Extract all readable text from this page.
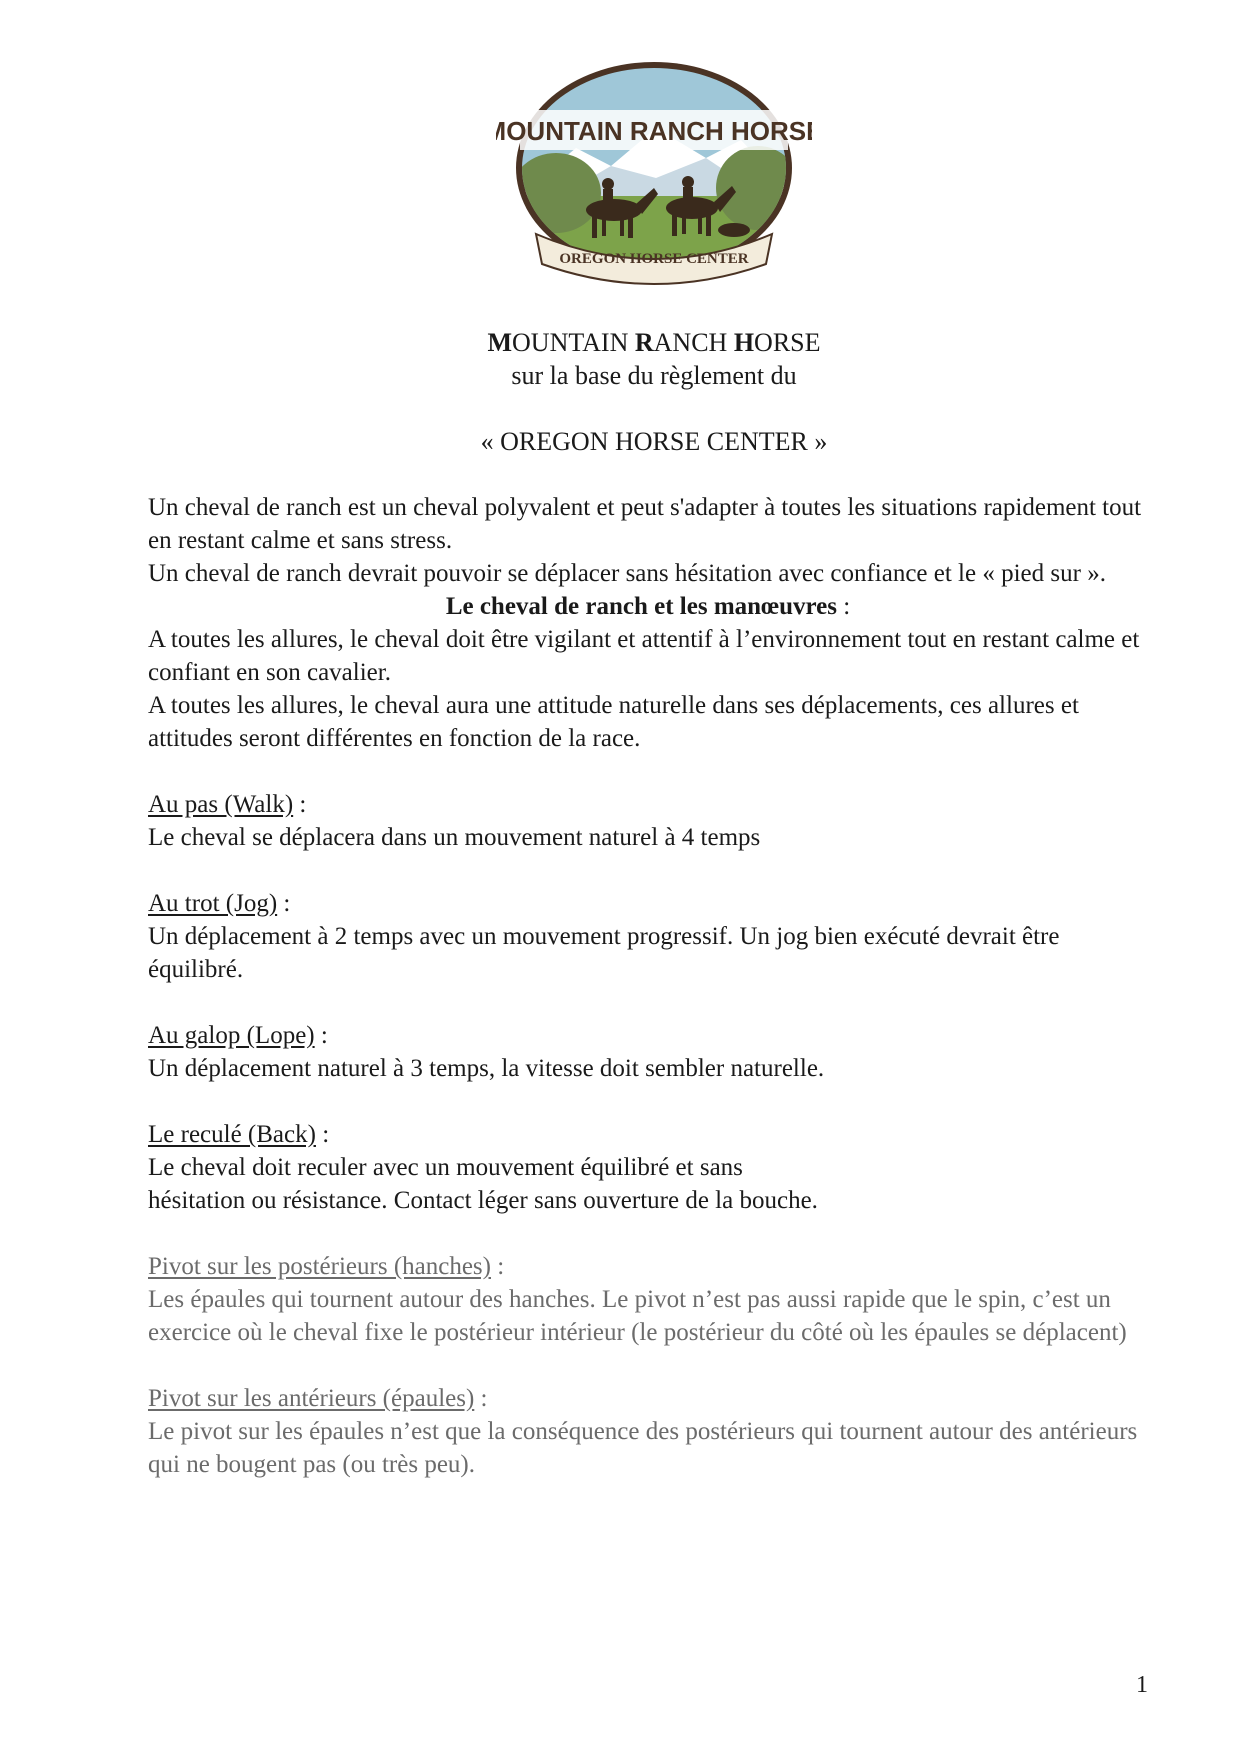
MOUNTAIN RANCH HORSE
OREGON HORSE CENTER
MOUNTAIN RANCH HORSE
sur la base du règlement du
« OREGON HORSE CENTER »

Un cheval de ranch est un cheval polyvalent et peut s'adapter à toutes les situations rapidement tout en restant calme et sans stress.

Un cheval de ranch devrait pouvoir se déplacer sans hésitation avec confiance et le « pied sur ».

Le cheval de ranch et les manœuvres :

A toutes les allures, le cheval doit être vigilant et attentif à l’environnement tout en restant calme et confiant en son cavalier.

A toutes les allures, le cheval aura une attitude naturelle dans ses déplacements, ces allures et attitudes seront différentes en fonction de la race.

Au pas (Walk) :

Le cheval se déplacera dans un mouvement naturel à 4 temps

Au trot (Jog) :

Un déplacement à 2 temps avec un mouvement progressif. Un jog bien exécuté devrait être équilibré.

Au galop (Lope) :

Un déplacement naturel à 3 temps, la vitesse doit sembler naturelle.

Le reculé (Back) :

Le cheval doit reculer avec un mouvement équilibré et sans

hésitation ou résistance. Contact léger sans ouverture de la bouche.

Pivot sur les postérieurs (hanches) :

Les épaules qui tournent autour des hanches. Le pivot n’est pas aussi rapide que le spin, c’est un exercice où le cheval fixe le postérieur intérieur (le postérieur du côté où les épaules se déplacent)

Pivot sur les antérieurs (épaules) :

Le pivot sur les épaules n’est que la conséquence des postérieurs qui tournent autour des antérieurs qui ne bougent pas (ou très peu).

1
